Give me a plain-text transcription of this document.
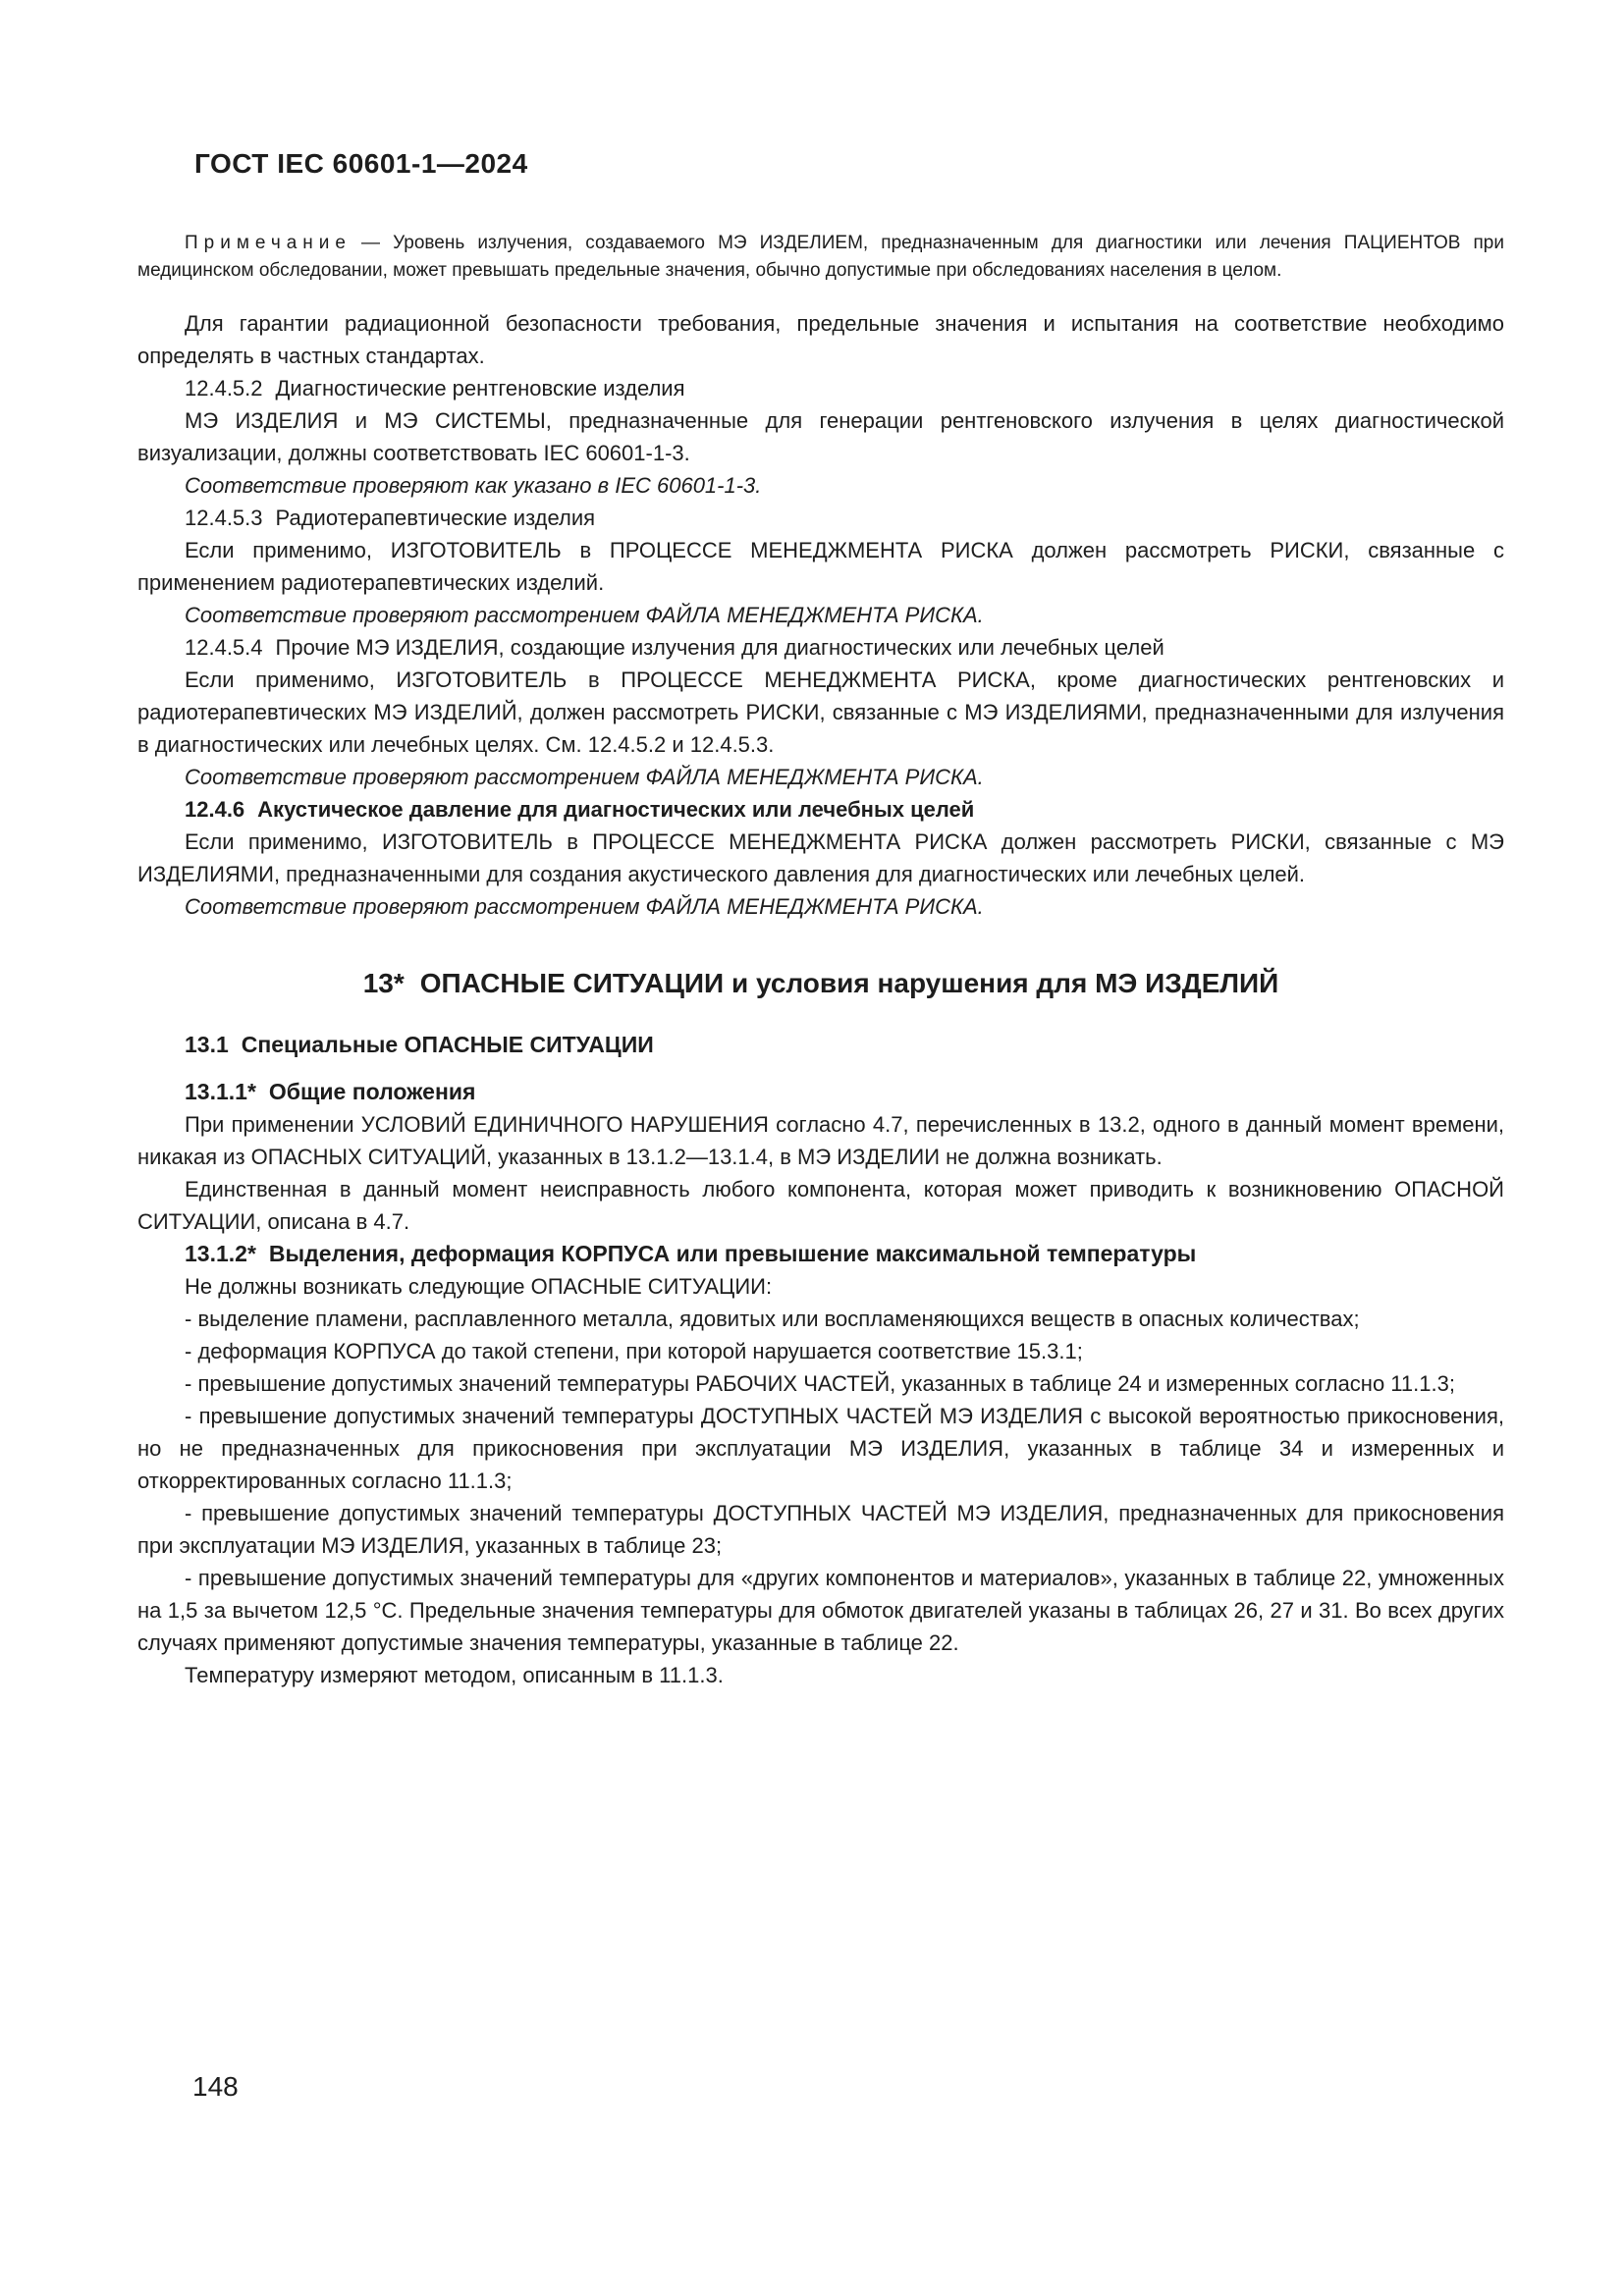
ГОСТ IEC 60601-1—2024

Примечание — Уровень излучения, создаваемого МЭ ИЗДЕЛИЕМ, предназначенным для диагностики или лечения ПАЦИЕНТОВ при медицинском обследовании, может превышать предельные значения, обычно допустимые при обследованиях населения в целом.

Для гарантии радиационной безопасности требования, предельные значения и испытания на соответствие необходимо определять в частных стандартах.

12.4.5.2 Диагностические рентгеновские изделия

МЭ ИЗДЕЛИЯ и МЭ СИСТЕМЫ, предназначенные для генерации рентгеновского излучения в целях диагностической визуализации, должны соответствовать IEC 60601-1-3.

Соответствие проверяют как указано в IEC 60601-1-3.

12.4.5.3 Радиотерапевтические изделия

Если применимо, ИЗГОТОВИТЕЛЬ в ПРОЦЕССЕ МЕНЕДЖМЕНТА РИСКА должен рассмотреть РИСКИ, связанные с применением радиотерапевтических изделий.

Соответствие проверяют рассмотрением ФАЙЛА МЕНЕДЖМЕНТА РИСКА.

12.4.5.4 Прочие МЭ ИЗДЕЛИЯ, создающие излучения для диагностических или лечебных целей

Если применимо, ИЗГОТОВИТЕЛЬ в ПРОЦЕССЕ МЕНЕДЖМЕНТА РИСКА, кроме диагностических рентгеновских и радиотерапевтических МЭ ИЗДЕЛИЙ, должен рассмотреть РИСКИ, связанные с МЭ ИЗДЕЛИЯМИ, предназначенными для излучения в диагностических или лечебных целях. См. 12.4.5.2 и 12.4.5.3.

Соответствие проверяют рассмотрением ФАЙЛА МЕНЕДЖМЕНТА РИСКА.

12.4.6 Акустическое давление для диагностических или лечебных целей

Если применимо, ИЗГОТОВИТЕЛЬ в ПРОЦЕССЕ МЕНЕДЖМЕНТА РИСКА должен рассмотреть РИСКИ, связанные с МЭ ИЗДЕЛИЯМИ, предназначенными для создания акустического давления для диагностических или лечебных целей.

Соответствие проверяют рассмотрением ФАЙЛА МЕНЕДЖМЕНТА РИСКА.

13* ОПАСНЫЕ СИТУАЦИИ и условия нарушения для МЭ ИЗДЕЛИЙ

13.1 Специальные ОПАСНЫЕ СИТУАЦИИ

13.1.1* Общие положения

При применении УСЛОВИЙ ЕДИНИЧНОГО НАРУШЕНИЯ согласно 4.7, перечисленных в 13.2, одного в данный момент времени, никакая из ОПАСНЫХ СИТУАЦИЙ, указанных в 13.1.2—13.1.4, в МЭ ИЗДЕЛИИ не должна возникать.

Единственная в данный момент неисправность любого компонента, которая может приводить к возникновению ОПАСНОЙ СИТУАЦИИ, описана в 4.7.

13.1.2* Выделения, деформация КОРПУСА или превышение максимальной температуры

Не должны возникать следующие ОПАСНЫЕ СИТУАЦИИ:

- выделение пламени, расплавленного металла, ядовитых или воспламеняющихся веществ в опасных количествах;

- деформация КОРПУСА до такой степени, при которой нарушается соответствие 15.3.1;

- превышение допустимых значений температуры РАБОЧИХ ЧАСТЕЙ, указанных в таблице 24 и измеренных согласно 11.1.3;

- превышение допустимых значений температуры ДОСТУПНЫХ ЧАСТЕЙ МЭ ИЗДЕЛИЯ с высокой вероятностью прикосновения, но не предназначенных для прикосновения при эксплуатации МЭ ИЗДЕЛИЯ, указанных в таблице 34 и измеренных и откорректированных согласно 11.1.3;

- превышение допустимых значений температуры ДОСТУПНЫХ ЧАСТЕЙ МЭ ИЗДЕЛИЯ, предназначенных для прикосновения при эксплуатации МЭ ИЗДЕЛИЯ, указанных в таблице 23;

- превышение допустимых значений температуры для «других компонентов и материалов», указанных в таблице 22, умноженных на 1,5 за вычетом 12,5 °С. Предельные значения температуры для обмоток двигателей указаны в таблицах 26, 27 и 31. Во всех других случаях применяют допустимые значения температуры, указанные в таблице 22.

Температуру измеряют методом, описанным в 11.1.3.

148
